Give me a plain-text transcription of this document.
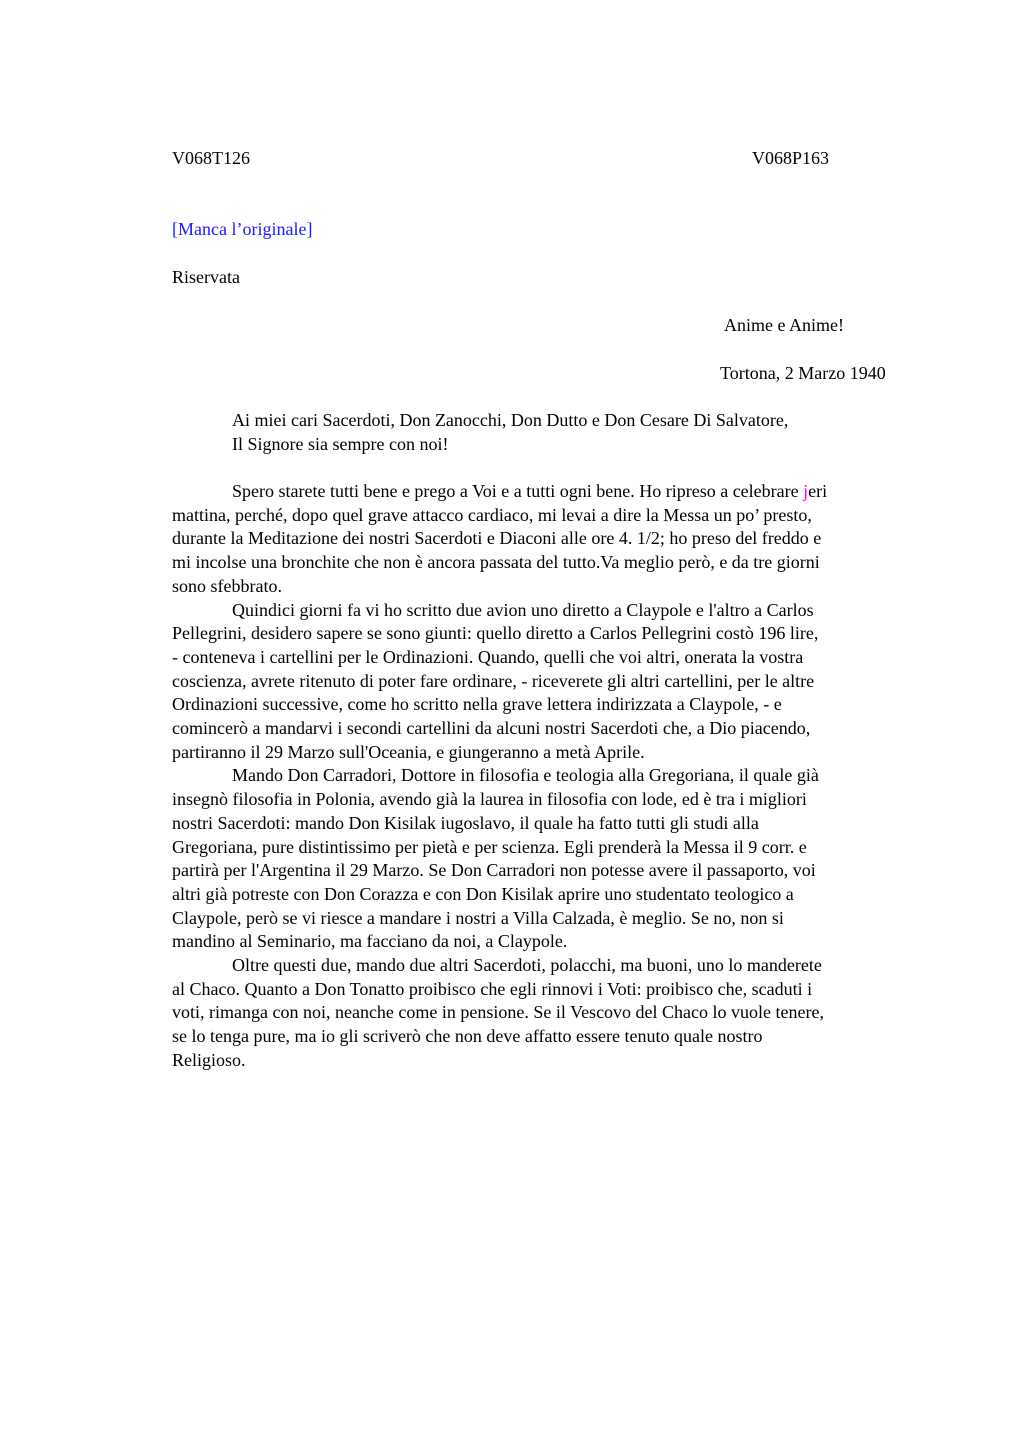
V068T126	V068P163
[Manca l’originale]
Riservata
Anime e Anime!
Tortona, 2 Marzo 1940
Ai miei cari Sacerdoti, Don Zanocchi, Don Dutto e Don Cesare Di Salvatore,
Il Signore sia sempre con noi!

Spero starete tutti bene e prego a Voi e a tutti ogni bene. Ho ripreso a celebrare jeri
mattina, perché, dopo quel grave attacco cardiaco, mi levai a dire la Messa un po’ presto,
durante la Meditazione dei nostri Sacerdoti e Diaconi alle ore 4. 1/2; ho preso del freddo e
mi incolse una bronchite che non è ancora passata del tutto.Va meglio però, e da tre giorni
sono sfebbrato.

Quindici giorni fa vi ho scritto due avion uno diretto a Claypole e l'altro a Carlos
Pellegrini, desidero sapere se sono giunti: quello diretto a Carlos Pellegrini costò 196 lire,
- conteneva i cartellini per le Ordinazioni. Quando, quelli che voi altri, onerata la vostra
coscienza, avrete ritenuto di poter fare ordinare, - riceverete gli altri cartellini, per le altre
Ordinazioni successive, come ho scritto nella grave lettera indirizzata a Claypole, - e
comincerò a mandarvi i secondi cartellini da alcuni nostri Sacerdoti che, a Dio piacendo,
partiranno il 29 Marzo sull'Oceania, e giungeranno a metà Aprile.

Mando Don Carradori, Dottore in filosofia e teologia alla Gregoriana, il quale già
insegnò filosofia in Polonia, avendo già la laurea in filosofia con lode, ed è tra i migliori
nostri Sacerdoti: mando Don Kisilak iugoslavo, il quale ha fatto tutti gli studi alla
Gregoriana, pure distintissimo per pietà e per scienza. Egli prenderà la Messa il 9 corr. e
partirà per l'Argentina il 29 Marzo. Se Don Carradori non potesse avere il passaporto, voi
altri già potreste con Don Corazza e con Don Kisilak aprire uno studentato teologico a
Claypole, però se vi riesce a mandare i nostri a Villa Calzada, è meglio. Se no, non si
mandino al Seminario, ma facciano da noi, a Claypole.

Oltre questi due, mando due altri Sacerdoti, polacchi, ma buoni, uno lo manderete
al Chaco. Quanto a Don Tonatto proibisco che egli rinnovi i Voti: proibisco che, scaduti i
voti, rimanga con noi, neanche come in pensione. Se il Vescovo del Chaco lo vuole tenere,
se lo tenga pure, ma io gli scriverò che non deve affatto essere tenuto quale nostro
Religioso.
